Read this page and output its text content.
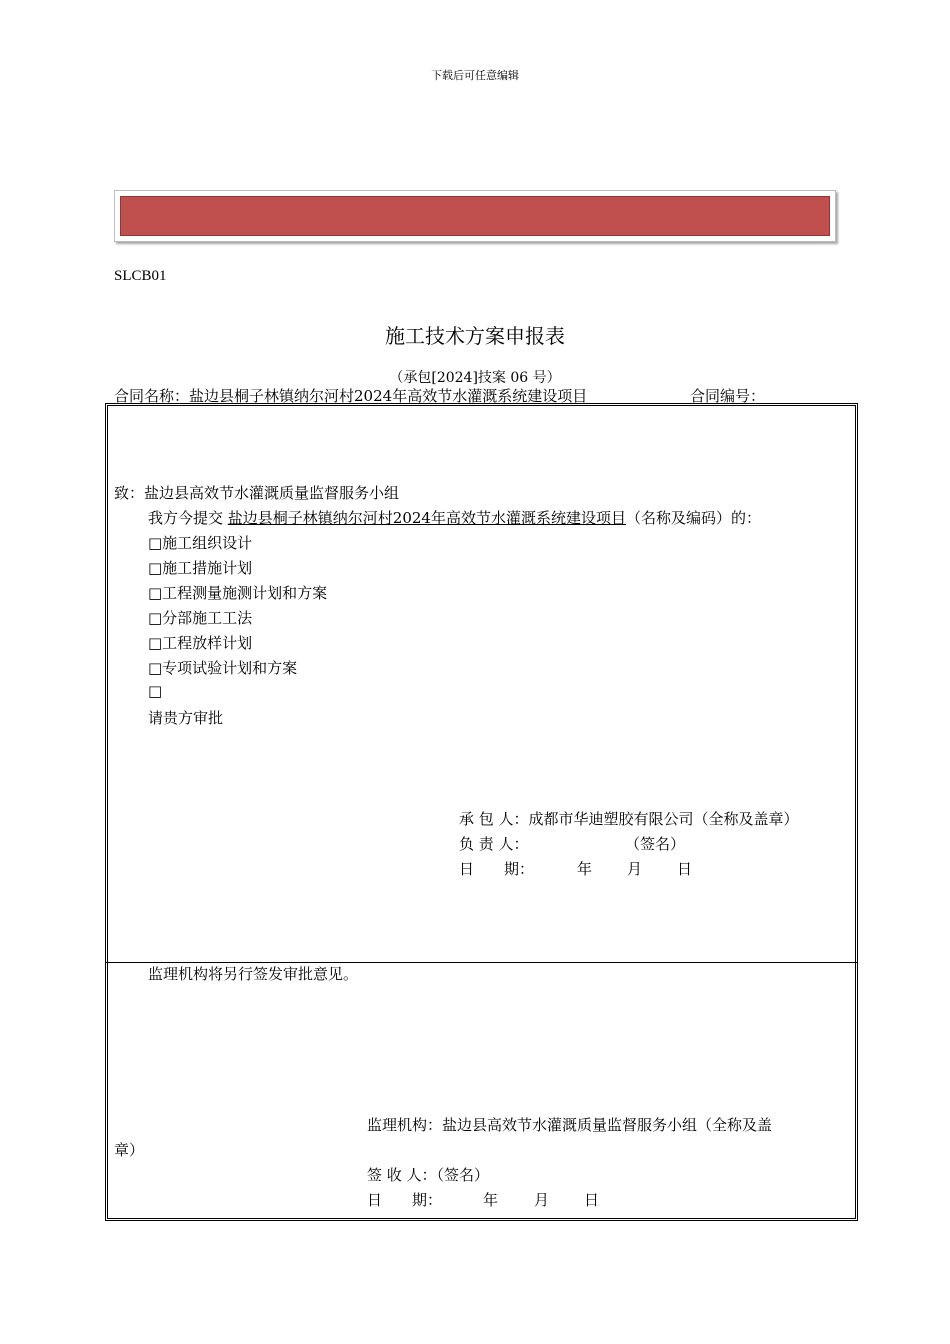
下载后可任意编辑
SLCB01
施工技术方案申报表
（承包[2024]技案 06 号）
合同名称：盐边县桐子林镇纳尔河村2024年高效节水灌溉系统建设项目	合同编号：
致：盐边县高效节水灌溉质量监督服务小组
我方今提交 盐边县桐子林镇纳尔河村2024年高效节水灌溉系统建设项目（名称及编码）的：
□施工组织设计
□施工措施计划
□工程测量施测计划和方案
□分部施工工法
□工程放样计划
□专项试验计划和方案
□
请贵方审批
承 包 人：成都市华迪塑胶有限公司（全称及盖章）
负 责 人：	（签名）
日　　期：	年 月 日
监理机构将另行签发审批意见。
监理机构：盐边县高效节水灌溉质量监督服务小组（全称及盖
章）
签 收 人：（签名）
日　　期：	年 月 日
